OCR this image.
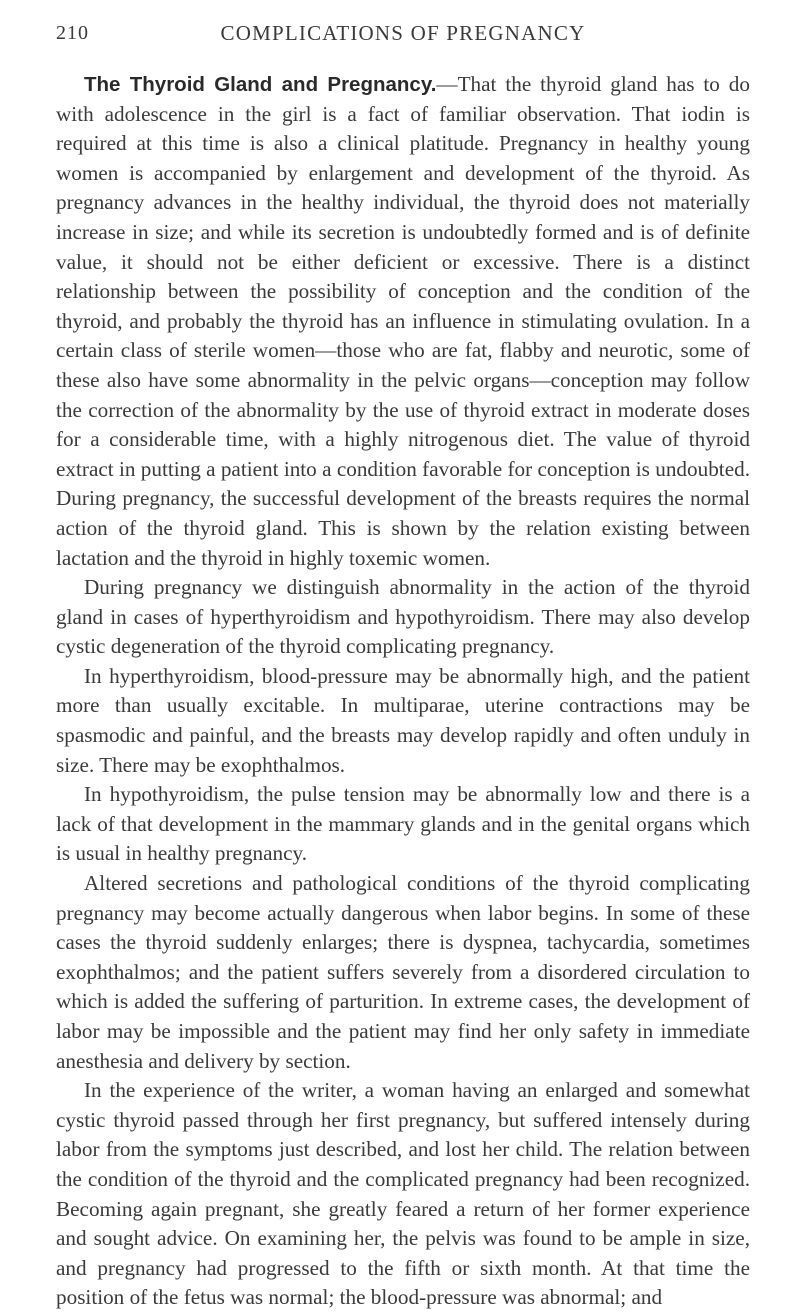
210	COMPLICATIONS OF PREGNANCY

The Thyroid Gland and Pregnancy.—That the thyroid gland has to do with adolescence in the girl is a fact of familiar observation. That iodin is required at this time is also a clinical platitude. Pregnancy in healthy young women is accompanied by enlargement and development of the thyroid. As pregnancy advances in the healthy individual, the thyroid does not materially increase in size; and while its secretion is undoubtedly formed and is of definite value, it should not be either deficient or excessive. There is a distinct relationship between the possibility of conception and the condition of the thyroid, and probably the thyroid has an influence in stimulating ovulation. In a certain class of sterile women—those who are fat, flabby and neurotic, some of these also have some abnormality in the pelvic organs—conception may follow the correction of the abnormality by the use of thyroid extract in moderate doses for a considerable time, with a highly nitrogenous diet. The value of thyroid extract in putting a patient into a condition favorable for conception is undoubted. During pregnancy, the successful development of the breasts requires the normal action of the thyroid gland. This is shown by the relation existing between lactation and the thyroid in highly toxemic women.

During pregnancy we distinguish abnormality in the action of the thyroid gland in cases of hyperthyroidism and hypothyroidism. There may also develop cystic degeneration of the thyroid complicating pregnancy.

In hyperthyroidism, blood-pressure may be abnormally high, and the patient more than usually excitable. In multiparae, uterine contractions may be spasmodic and painful, and the breasts may develop rapidly and often unduly in size. There may be exophthalmos.

In hypothyroidism, the pulse tension may be abnormally low and there is a lack of that development in the mammary glands and in the genital organs which is usual in healthy pregnancy.

Altered secretions and pathological conditions of the thyroid complicating pregnancy may become actually dangerous when labor begins. In some of these cases the thyroid suddenly enlarges; there is dyspnea, tachycardia, sometimes exophthalmos; and the patient suffers severely from a disordered circulation to which is added the suffering of parturition. In extreme cases, the development of labor may be impossible and the patient may find her only safety in immediate anesthesia and delivery by section.

In the experience of the writer, a woman having an enlarged and somewhat cystic thyroid passed through her first pregnancy, but suffered intensely during labor from the symptoms just described, and lost her child. The relation between the condition of the thyroid and the complicated pregnancy had been recognized. Becoming again pregnant, she greatly feared a return of her former experience and sought advice. On examining her, the pelvis was found to be ample in size, and pregnancy had progressed to the fifth or sixth month. At that time the position of the fetus was normal; the blood-pressure was abnormal; and
